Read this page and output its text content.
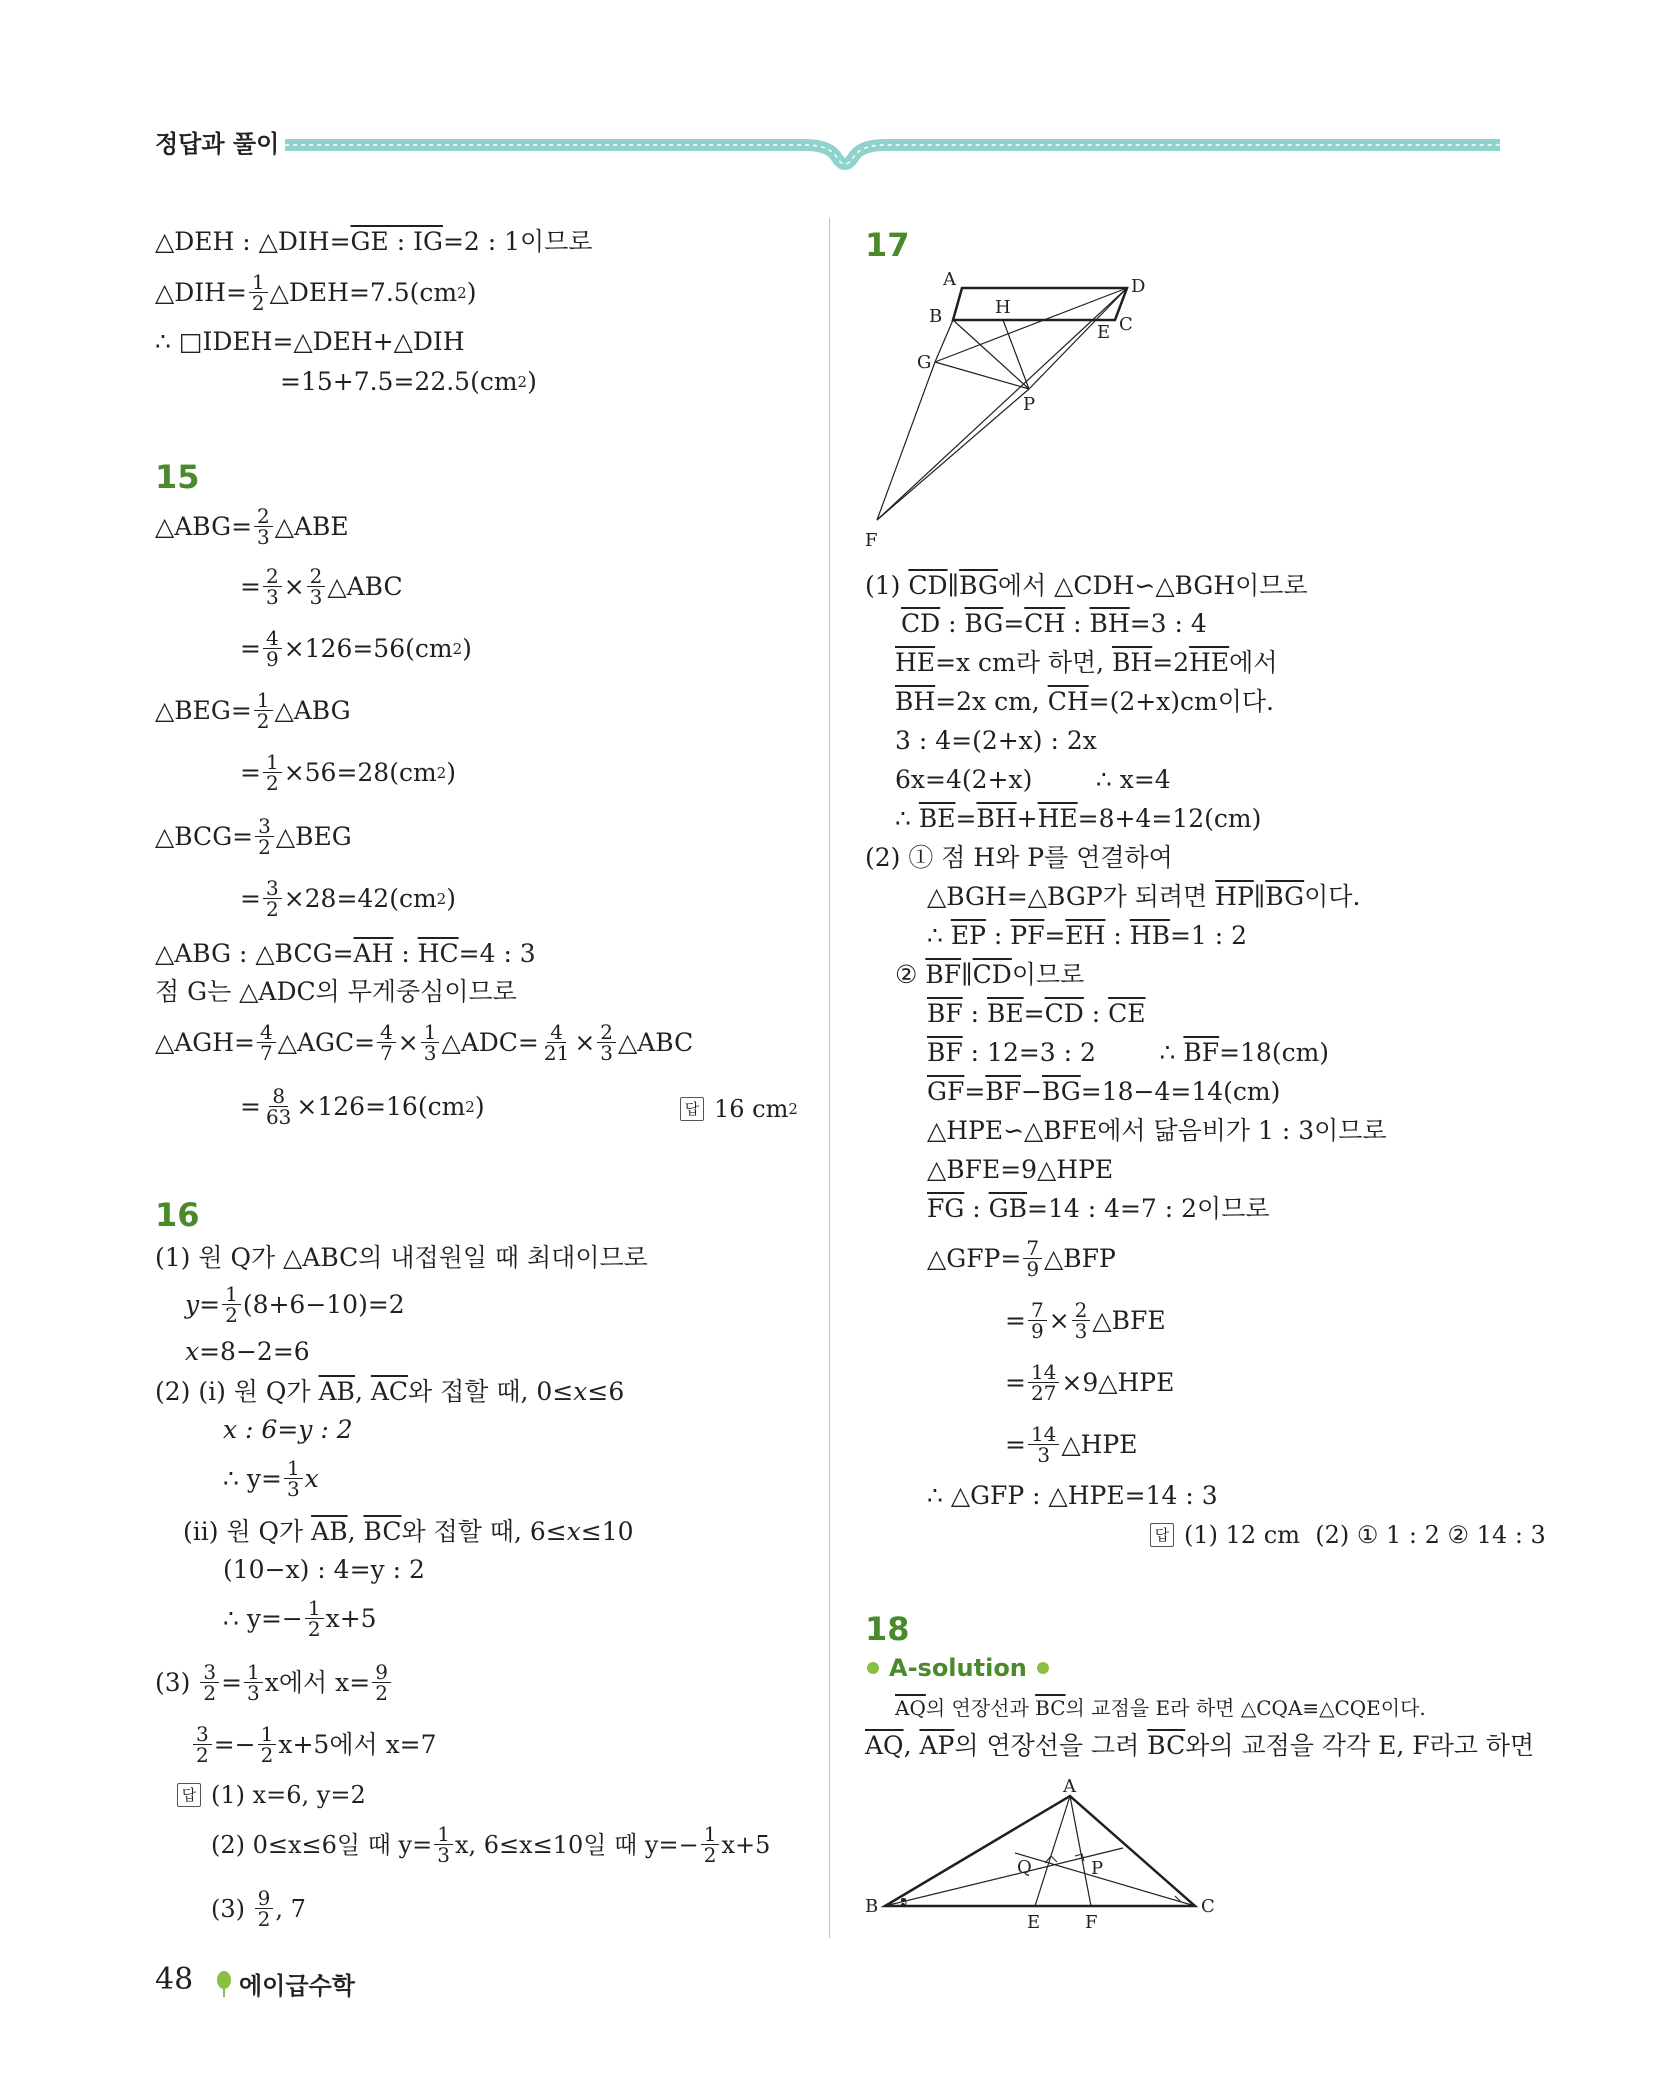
정답과 풀이
△DEH : △DIH= GE : IG =2 : 1이므로
△DIH= $\frac{1}{2}$ △DEH=7.5(cm 2 )
∴ □IDEH=△DEH+△DIH
=15+7.5=22.5(cm 2 )
15
△ABG= $\frac{2}{3}$ △ABE
= $\frac{2}{3} \times \frac{2}{3}$ △ABC
= $\frac{4}{9} \times 126=56(cm$ 2 )
△BEG= $\frac{1}{2}$ △ABG
= $\frac{1}{2} \times 56=28(cm$ 2 )
△BCG= $\frac{3}{2}$ △BEG
= $\frac{3}{2} \times 28=42(cm$ 2 )
△ABG : △BCG= $\overline{AH}$ : $\overline{HC} =4$ : 3
점 G는 △ADC의 무게중심이므로
△AGH= $\frac{4}{7}$ △AGC= $\frac{4}{7} \times \frac{1}{3}$ △ADC= $\frac{4}{21} \times \frac{2}{3}$ △ABC
= $\frac{8}{63} \times 126=16(cm$ 2 )	답 16 cm 2
16
(1) 원 Q가 △ABC의 내접원일 때 최대이므로
$y = \frac{1}{2} (8+6-10)=2$
x =8−2=6
(2) (ⅰ) 원 Q가 $\overline{AB}$ , $\overline{AC}$ 와 접할 때, 0≤ x ≤6
x : 6=y : 2
∴ $y= \frac{1}{3}$ x
(ⅱ) 원 Q가 $\overline{AB}$ , $\overline{BC}$ 와 접할 때, 6≤ x ≤10
(10−x) : 4=y : 2
∴ $y=- \frac{1}{2} x+5$
$(3) \frac{3}{2} = \frac{1}{3}$ x에서 $x= \frac{9}{2}$
$\frac{3}{2} =- \frac{1}{2} x+5$에서 x=7
답 (1) x=6, y=2
(2) 0≤x≤6일 때 $y= \frac{1}{3} x$, 6≤x≤10일 때 $y=- \frac{1}{2} x+5$
$(3) \frac{9}{2}$ , 7
17
A	D
B	C
H
E
G
P
F
(1) $\overline{CD}$ ∥ $\overline{BG}$ 에서 △CDH∽△BGH이므로
$\overline{CD}$ : $\overline{BG} = \overline{CH}$ : $\overline{BH} =3$ : 4
$\overline{HE} =x$ cm라 하면, $\overline{BH} =2$ $\overline{HE}$ 에서
$\overline{BH} =2x$ cm, $\overline{CH} =(2+x)cm$이다.
3 : 4=(2+x) : 2x
6x=4(2+x)        ∴ x=4
∴ $\overline{BE} = \overline{BH} + \overline{HE} =8+4=12(cm)$
(2) ① 점 H와 P를 연결하여
△BGH=△BGP가 되려면 $\overline{HP}$ ∥ $\overline{BG}$ 이다.
∴ $\overline{EP}$ : $\overline{PF} = \overline{EH}$ : $\overline{HB} =1$ : 2
② $\overline{BF}$ ∥ $\overline{CD}$ 이므로
$\overline{BF}$ : $\overline{BE} = \overline{CD}$ : $\overline{CE}$
$\overline{BF}$ : 12=3 : 2        ∴ $\overline{BF} =18(cm)$
$\overline{GF} = \overline{BF} - \overline{BG} =18-4=14(cm)$
△HPE∽△BFE에서 닮음비가 1 : 3이므로
△BFE=9△HPE
$\overline{FG}$ : $\overline{GB} =14$ : 4=7 : 2이므로
△GFP= $\frac{7}{9}$ △BFP
= $\frac{7}{9} \times \frac{2}{3}$ △BFE
= $\frac{14}{27}$ ×9△HPE
= $\frac{14}{3}$ △HPE
∴ △GFP : △HPE=14 : 3
답 (1) 12 cm  (2) ① 1 : 2 ② 14 : 3
18
A-solution
$\overline{AQ}$ 의 연장선과 $\overline{BC}$ 의 교점을 E라 하면 △CQA≡△CQE이다.
$\overline{AQ}$ , $\overline{AP}$ 의 연장선을 그려 $\overline{BC}$ 와의 교점을 각각 E, F라고 하면
A
B	C
E F
Q	P
48 에이급수학
